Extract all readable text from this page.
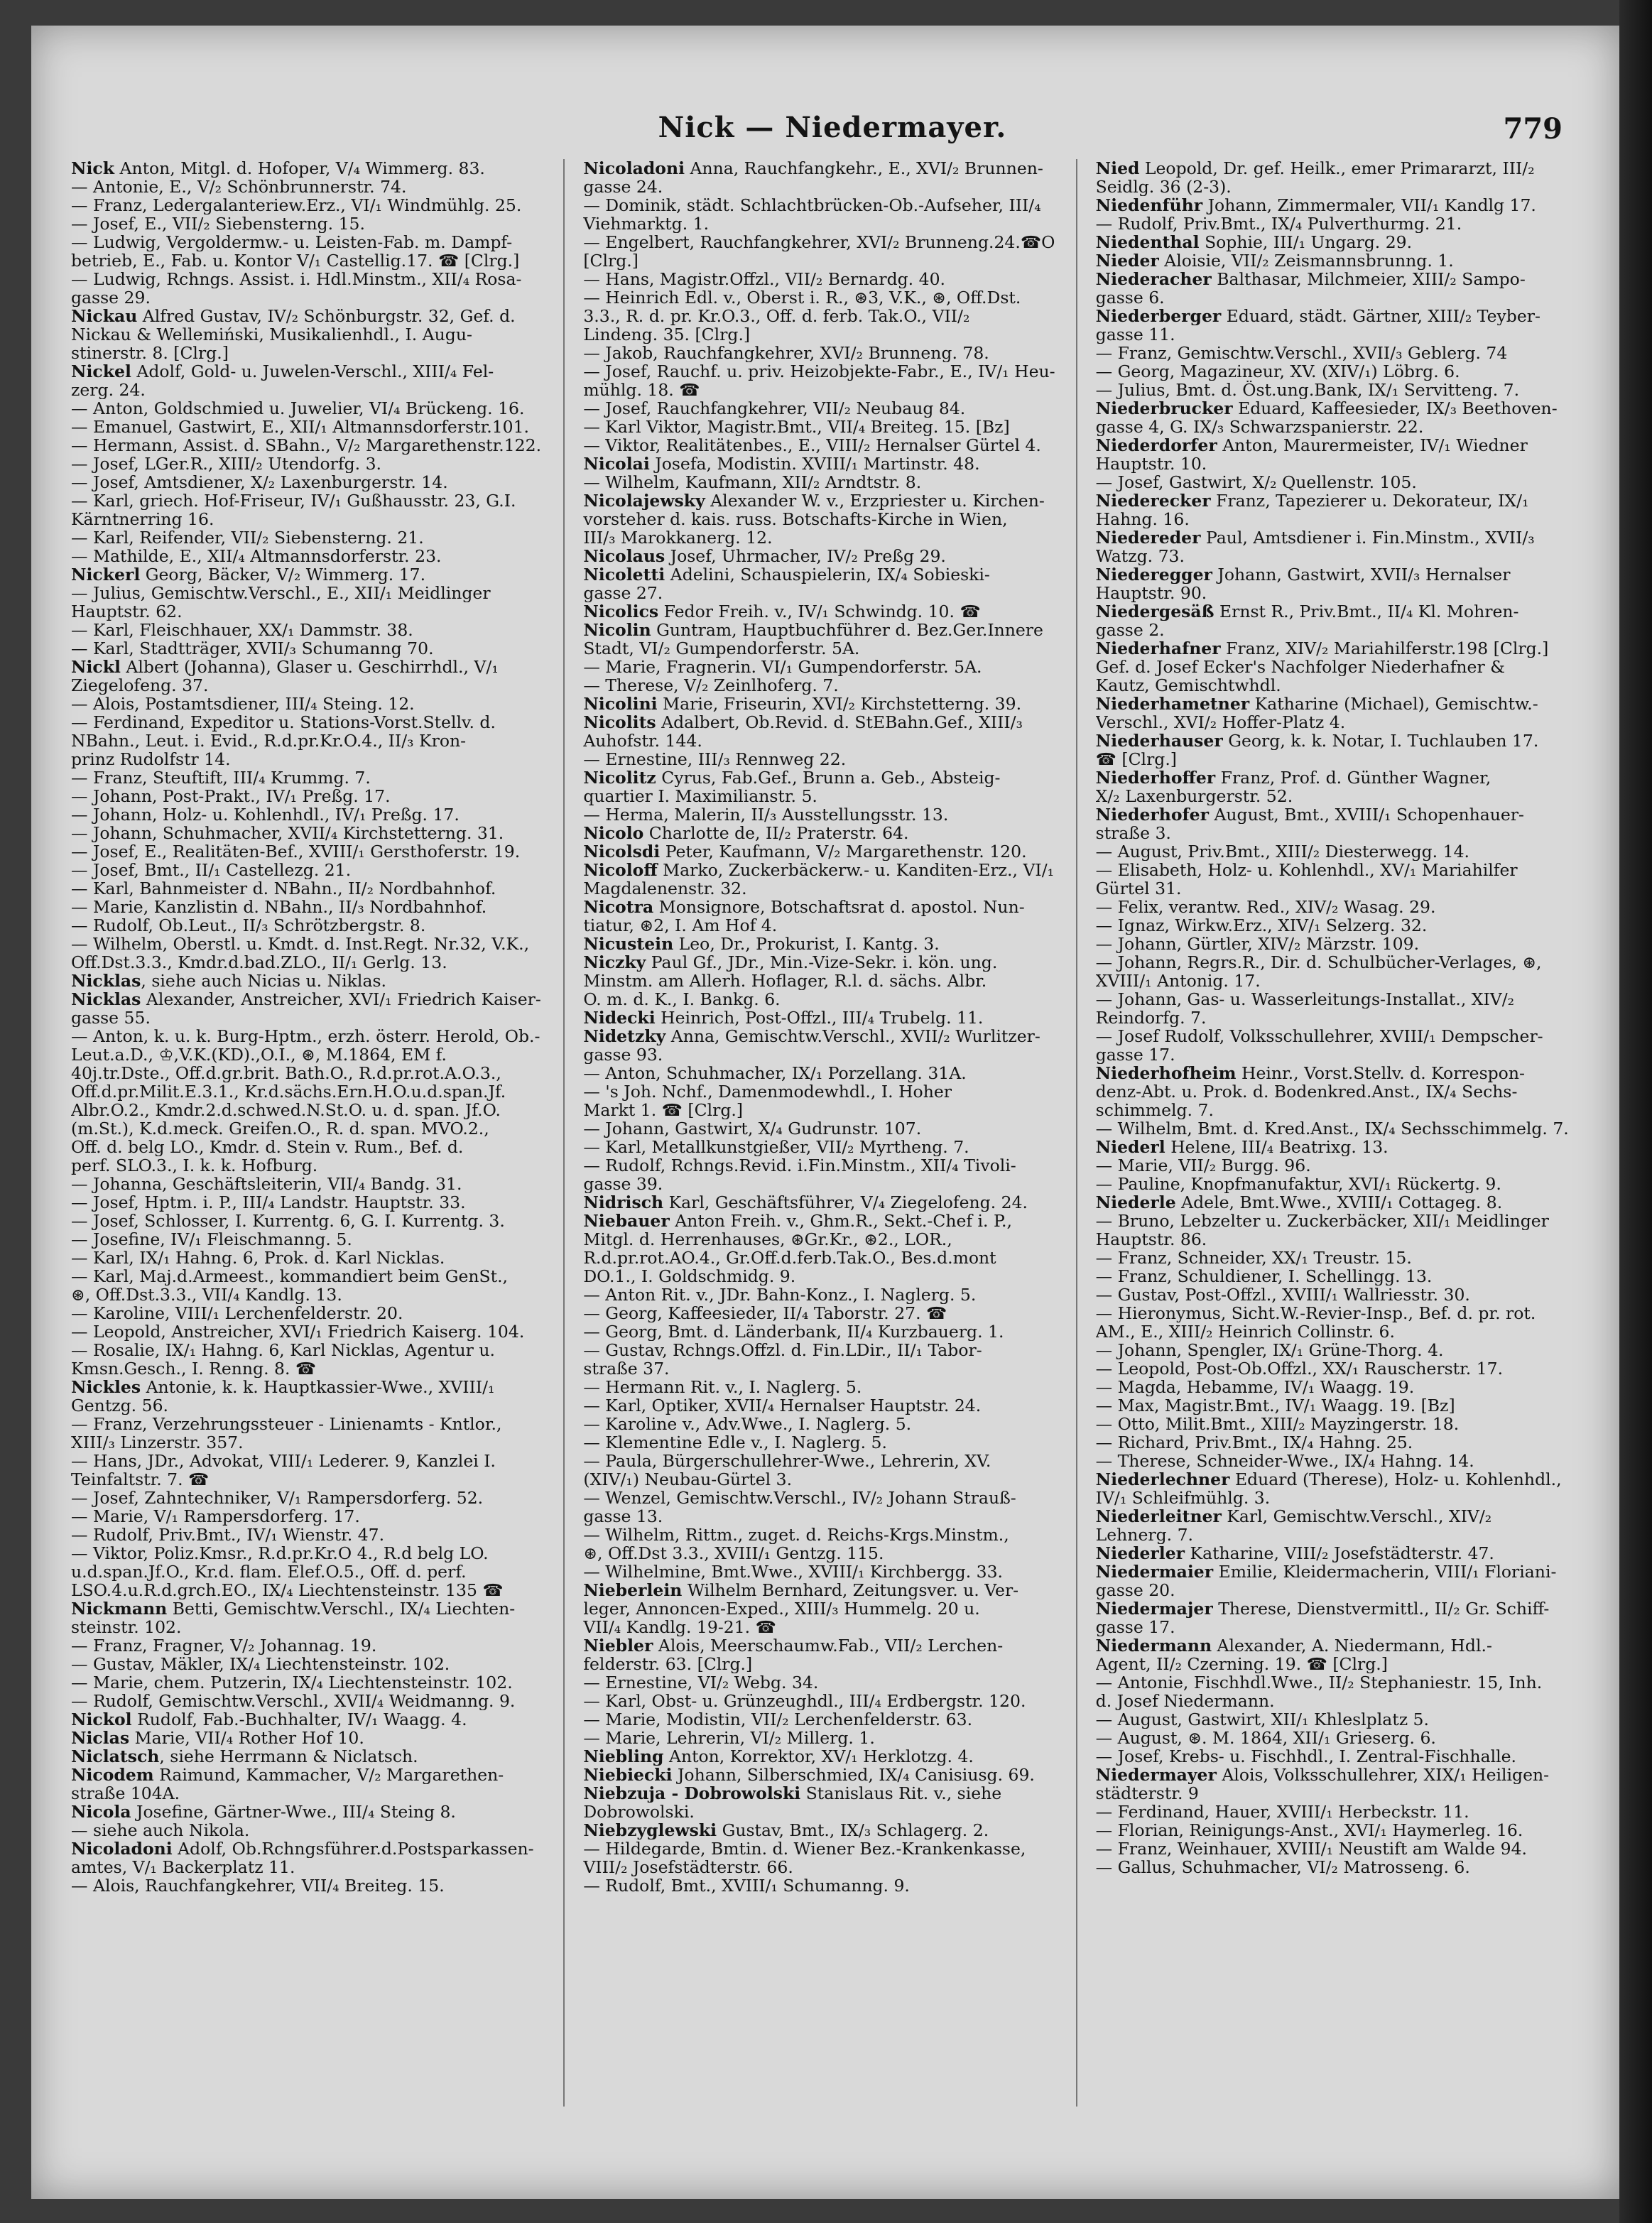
Nick — Niedermayer.	779

Nick Anton, Mitgl. d. Hofoper, V/₄ Wimmerg. 83.

— Antonie, E., V/₂ Schönbrunnerstr. 74.

— Franz, Ledergalanteriew.Erz., VI/₁ Windmühlg. 25.

— Josef, E., VII/₂ Siebensterng. 15.

— Ludwig, Vergoldermw.- u. Leisten-Fab. m. Dampf-

betrieb, E., Fab. u. Kontor V/₁ Castellig.17. ☎ [Clrg.]

— Ludwig, Rchngs. Assist. i. Hdl.Minstm., XII/₄ Rosa-

gasse 29.

Nickau Alfred Gustav, IV/₂ Schönburgstr. 32, Gef. d.

Nickau & Wellemiński, Musikalienhdl., I. Augu-

stinerstr. 8. [Clrg.]

Nickel Adolf, Gold- u. Juwelen-Verschl., XIII/₄ Fel-

zerg. 24.

— Anton, Goldschmied u. Juwelier, VI/₄ Brückeng. 16.

— Emanuel, Gastwirt, E., XII/₁ Altmannsdorferstr.101.

— Hermann, Assist. d. SBahn., V/₂ Margarethenstr.122.

— Josef, LGer.R., XIII/₂ Utendorfg. 3.

— Josef, Amtsdiener, X/₂ Laxenburgerstr. 14.

— Karl, griech. Hof-Friseur, IV/₁ Gußhausstr. 23, G.I.

Kärntnerring 16.

— Karl, Reifender, VII/₂ Siebensterng. 21.

— Mathilde, E., XII/₄ Altmannsdorferstr. 23.

Nickerl Georg, Bäcker, V/₂ Wimmerg. 17.

— Julius, Gemischtw.Verschl., E., XII/₁ Meidlinger

Hauptstr. 62.

— Karl, Fleischhauer, XX/₁ Dammstr. 38.

— Karl, Stadtträger, XVII/₃ Schumanng 70.

Nickl Albert (Johanna), Glaser u. Geschirrhdl., V/₁

Ziegelofeng. 37.

— Alois, Postamtsdiener, III/₄ Steing. 12.

— Ferdinand, Expeditor u. Stations-Vorst.Stellv. d.

NBahn., Leut. i. Evid., R.d.pr.Kr.O.4., II/₃ Kron-

prinz Rudolfstr 14.

— Franz, Steuftift, III/₄ Krummg. 7.

— Johann, Post-Prakt., IV/₁ Preßg. 17.

— Johann, Holz- u. Kohlenhdl., IV/₁ Preßg. 17.

— Johann, Schuhmacher, XVII/₄ Kirchstetterng. 31.

— Josef, E., Realitäten-Bef., XVIII/₁ Gersthoferstr. 19.

— Josef, Bmt., II/₁ Castellezg. 21.

— Karl, Bahnmeister d. NBahn., II/₂ Nordbahnhof.

— Marie, Kanzlistin d. NBahn., II/₃ Nordbahnhof.

— Rudolf, Ob.Leut., II/₃ Schrötzbergstr. 8.

— Wilhelm, Oberstl. u. Kmdt. d. Inst.Regt. Nr.32, V.K.,

Off.Dst.3.3., Kmdr.d.bad.ZLO., II/₁ Gerlg. 13.

Nicklas, siehe auch Nicias u. Niklas.

Nicklas Alexander, Anstreicher, XVI/₁ Friedrich Kaiser-

gasse 55.

— Anton, k. u. k. Burg-Hptm., erzh. österr. Herold, Ob.-

Leut.a.D., ♔,V.K.(KD).,O.I., ⊛, M.1864, EM f.

40j.tr.Dste., Off.d.gr.brit. Bath.O., R.d.pr.rot.A.O.3.,

Off.d.pr.Milit.E.3.1., Kr.d.sächs.Ern.H.O.u.d.span.Jf.

Albr.O.2., Kmdr.2.d.schwed.N.St.O. u. d. span. Jf.O.

(m.St.), K.d.meck. Greifen.O., R. d. span. MVO.2.,

Off. d. belg LO., Kmdr. d. Stein v. Rum., Bef. d.

perf. SLO.3., I. k. k. Hofburg.

— Johanna, Geschäftsleiterin, VII/₄ Bandg. 31.

— Josef, Hptm. i. P., III/₄ Landstr. Hauptstr. 33.

— Josef, Schlosser, I. Kurrentg. 6, G. I. Kurrentg. 3.

— Josefine, IV/₁ Fleischmanng. 5.

— Karl, IX/₁ Hahng. 6, Prok. d. Karl Nicklas.

— Karl, Maj.d.Armeest., kommandiert beim GenSt.,

⊛, Off.Dst.3.3., VII/₄ Kandlg. 13.

— Karoline, VIII/₁ Lerchenfelderstr. 20.

— Leopold, Anstreicher, XVI/₁ Friedrich Kaiserg. 104.

— Rosalie, IX/₁ Hahng. 6, Karl Nicklas, Agentur u.

Kmsn.Gesch., I. Renng. 8. ☎

Nickles Antonie, k. k. Hauptkassier-Wwe., XVIII/₁

Gentzg. 56.

— Franz, Verzehrungssteuer - Linienamts - Kntlor.,

XIII/₃ Linzerstr. 357.

— Hans, JDr., Advokat, VIII/₁ Lederer. 9, Kanzlei I.

Teinfaltstr. 7. ☎

— Josef, Zahntechniker, V/₁ Rampersdorferg. 52.

— Marie, V/₁ Rampersdorferg. 17.

— Rudolf, Priv.Bmt., IV/₁ Wienstr. 47.

— Viktor, Poliz.Kmsr., R.d.pr.Kr.O 4., R.d belg LO.

u.d.span.Jf.O., Kr.d. flam. Elef.O.5., Off. d. perf.

LSO.4.u.R.d.grch.EO., IX/₄ Liechtensteinstr. 135 ☎

Nickmann Betti, Gemischtw.Verschl., IX/₄ Liechten-

steinstr. 102.

— Franz, Fragner, V/₂ Johannag. 19.

— Gustav, Mäkler, IX/₄ Liechtensteinstr. 102.

— Marie, chem. Putzerin, IX/₄ Liechtensteinstr. 102.

— Rudolf, Gemischtw.Verschl., XVII/₄ Weidmanng. 9.

Nickol Rudolf, Fab.-Buchhalter, IV/₁ Waagg. 4.

Niclas Marie, VII/₄ Rother Hof 10.

Niclatsch, siehe Herrmann & Niclatsch.

Nicodem Raimund, Kammacher, V/₂ Margarethen-

straße 104A.

Nicola Josefine, Gärtner-Wwe., III/₄ Steing 8.

— siehe auch Nikola.

Nicoladoni Adolf, Ob.Rchngsführer.d.Postsparkassen-

amtes, V/₁ Backerplatz 11.

— Alois, Rauchfangkehrer, VII/₄ Breiteg. 15.

Nicoladoni Anna, Rauchfangkehr., E., XVI/₂ Brunnen-

gasse 24.

— Dominik, städt. Schlachtbrücken-Ob.-Aufseher, III/₄

Viehmarktg. 1.

— Engelbert, Rauchfangkehrer, XVI/₂ Brunneng.24.☎O

[Clrg.]

— Hans, Magistr.Offzl., VII/₂ Bernardg. 40.

— Heinrich Edl. v., Oberst i. R., ⊛3, V.K., ⊛, Off.Dst.

3.3., R. d. pr. Kr.O.3., Off. d. ferb. Tak.O., VII/₂

Lindeng. 35. [Clrg.]

— Jakob, Rauchfangkehrer, XVI/₂ Brunneng. 78.

— Josef, Rauchf. u. priv. Heizobjekte-Fabr., E., IV/₁ Heu-

mühlg. 18. ☎

— Josef, Rauchfangkehrer, VII/₂ Neubaug 84.

— Karl Viktor, Magistr.Bmt., VII/₄ Breiteg. 15. [Bz]

— Viktor, Realitätenbes., E., VIII/₂ Hernalser Gürtel 4.

Nicolai Josefa, Modistin. XVIII/₁ Martinstr. 48.

— Wilhelm, Kaufmann, XII/₂ Arndtstr. 8.

Nicolajewsky Alexander W. v., Erzpriester u. Kirchen-

vorsteher d. kais. russ. Botschafts-Kirche in Wien,

III/₃ Marokkanerg. 12.

Nicolaus Josef, Uhrmacher, IV/₂ Preßg 29.

Nicoletti Adelini, Schauspielerin, IX/₄ Sobieski-

gasse 27.

Nicolics Fedor Freih. v., IV/₁ Schwindg. 10. ☎

Nicolin Guntram, Hauptbuchführer d. Bez.Ger.Innere

Stadt, VI/₂ Gumpendorferstr. 5A.

— Marie, Fragnerin. VI/₁ Gumpendorferstr. 5A.

— Therese, V/₂ Zeinlhoferg. 7.

Nicolini Marie, Friseurin, XVI/₂ Kirchstetterng. 39.

Nicolits Adalbert, Ob.Revid. d. StEBahn.Gef., XIII/₃

Auhofstr. 144.

— Ernestine, III/₃ Rennweg 22.

Nicolitz Cyrus, Fab.Gef., Brunn a. Geb., Absteig-

quartier I. Maximilianstr. 5.

— Herma, Malerin, II/₃ Ausstellungsstr. 13.

Nicolo Charlotte de, II/₂ Praterstr. 64.

Nicolsdi Peter, Kaufmann, V/₂ Margarethenstr. 120.

Nicoloff Marko, Zuckerbäckerw.- u. Kanditen-Erz., VI/₁

Magdalenenstr. 32.

Nicotra Monsignore, Botschaftsrat d. apostol. Nun-

tiatur, ⊛2, I. Am Hof 4.

Nicustein Leo, Dr., Prokurist, I. Kantg. 3.

Niczky Paul Gf., JDr., Min.-Vize-Sekr. i. kön. ung.

Minstm. am Allerh. Hoflager, R.l. d. sächs. Albr.

O. m. d. K., I. Bankg. 6.

Nidecki Heinrich, Post-Offzl., III/₄ Trubelg. 11.

Nidetzky Anna, Gemischtw.Verschl., XVII/₂ Wurlitzer-

gasse 93.

— Anton, Schuhmacher, IX/₁ Porzellang. 31A.

— 's Joh. Nchf., Damenmodewhdl., I. Hoher

Markt 1. ☎ [Clrg.]

— Johann, Gastwirt, X/₄ Gudrunstr. 107.

— Karl, Metallkunstgießer, VII/₂ Myrtheng. 7.

— Rudolf, Rchngs.Revid. i.Fin.Minstm., XII/₄ Tivoli-

gasse 39.

Nidrisch Karl, Geschäftsführer, V/₄ Ziegelofeng. 24.

Niebauer Anton Freih. v., Ghm.R., Sekt.-Chef i. P.,

Mitgl. d. Herrenhauses, ⊛Gr.Kr., ⊛2., LOR.,

R.d.pr.rot.AO.4., Gr.Off.d.ferb.Tak.O., Bes.d.mont

DO.1., I. Goldschmidg. 9.

— Anton Rit. v., JDr. Bahn-Konz., I. Naglerg. 5.

— Georg, Kaffeesieder, II/₄ Taborstr. 27. ☎

— Georg, Bmt. d. Länderbank, II/₄ Kurzbauerg. 1.

— Gustav, Rchngs.Offzl. d. Fin.LDir., II/₁ Tabor-

straße 37.

— Hermann Rit. v., I. Naglerg. 5.

— Karl, Optiker, XVII/₄ Hernalser Hauptstr. 24.

— Karoline v., Adv.Wwe., I. Naglerg. 5.

— Klementine Edle v., I. Naglerg. 5.

— Paula, Bürgerschullehrer-Wwe., Lehrerin, XV.

(XIV/₁) Neubau-Gürtel 3.

— Wenzel, Gemischtw.Verschl., IV/₂ Johann Strauß-

gasse 13.

— Wilhelm, Rittm., zuget. d. Reichs-Krgs.Minstm.,

⊛, Off.Dst 3.3., XVIII/₁ Gentzg. 115.

— Wilhelmine, Bmt.Wwe., XVIII/₁ Kirchbergg. 33.

Nieberlein Wilhelm Bernhard, Zeitungsver. u. Ver-

leger, Annoncen-Exped., XIII/₃ Hummelg. 20 u.

VII/₄ Kandlg. 19-21. ☎

Niebler Alois, Meerschaumw.Fab., VII/₂ Lerchen-

felderstr. 63. [Clrg.]

— Ernestine, VI/₂ Webg. 34.

— Karl, Obst- u. Grünzeughdl., III/₄ Erdbergstr. 120.

— Marie, Modistin, VII/₂ Lerchenfelderstr. 63.

— Marie, Lehrerin, VI/₂ Millerg. 1.

Niebling Anton, Korrektor, XV/₁ Herklotzg. 4.

Niebiecki Johann, Silberschmied, IX/₄ Canisiusg. 69.

Niebzuja - Dobrowolski Stanislaus Rit. v., siehe

Dobrowolski.

Niebzyglewski Gustav, Bmt., IX/₃ Schlagerg. 2.

— Hildegarde, Bmtin. d. Wiener Bez.-Krankenkasse,

VIII/₂ Josefstädterstr. 66.

— Rudolf, Bmt., XVIII/₁ Schumanng. 9.

Nied Leopold, Dr. gef. Heilk., emer Primararzt, III/₂

Seidlg. 36 (2-3).

Niedenführ Johann, Zimmermaler, VII/₁ Kandlg 17.

— Rudolf, Priv.Bmt., IX/₄ Pulverthurmg. 21.

Niedenthal Sophie, III/₁ Ungarg. 29.

Nieder Aloisie, VII/₂ Zeismannsbrunng. 1.

Niederacher Balthasar, Milchmeier, XIII/₂ Sampo-

gasse 6.

Niederberger Eduard, städt. Gärtner, XIII/₂ Teyber-

gasse 11.

— Franz, Gemischtw.Verschl., XVII/₃ Geblerg. 74

— Georg, Magazineur, XV. (XIV/₁) Löbrg. 6.

— Julius, Bmt. d. Öst.ung.Bank, IX/₁ Servitteng. 7.

Niederbrucker Eduard, Kaffeesieder, IX/₃ Beethoven-

gasse 4, G. IX/₃ Schwarzspanierstr. 22.

Niederdorfer Anton, Maurermeister, IV/₁ Wiedner

Hauptstr. 10.

— Josef, Gastwirt, X/₂ Quellenstr. 105.

Niederecker Franz, Tapezierer u. Dekorateur, IX/₁

Hahng. 16.

Niedereder Paul, Amtsdiener i. Fin.Minstm., XVII/₃

Watzg. 73.

Niederegger Johann, Gastwirt, XVII/₃ Hernalser

Hauptstr. 90.

Niedergesäß Ernst R., Priv.Bmt., II/₄ Kl. Mohren-

gasse 2.

Niederhafner Franz, XIV/₂ Mariahilferstr.198 [Clrg.]

Gef. d. Josef Ecker's Nachfolger Niederhafner &

Kautz, Gemischtwhdl.

Niederhametner Katharine (Michael), Gemischtw.-

Verschl., XVI/₂ Hoffer-Platz 4.

Niederhauser Georg, k. k. Notar, I. Tuchlauben 17.

☎ [Clrg.]

Niederhoffer Franz, Prof. d. Günther Wagner,

X/₂ Laxenburgerstr. 52.

Niederhofer August, Bmt., XVIII/₁ Schopenhauer-

straße 3.

— August, Priv.Bmt., XIII/₂ Diesterwegg. 14.

— Elisabeth, Holz- u. Kohlenhdl., XV/₁ Mariahilfer

Gürtel 31.

— Felix, verantw. Red., XIV/₂ Wasag. 29.

— Ignaz, Wirkw.Erz., XIV/₁ Selzerg. 32.

— Johann, Gürtler, XIV/₂ Märzstr. 109.

— Johann, Regrs.R., Dir. d. Schulbücher-Verlages, ⊛,

XVIII/₁ Antonig. 17.

— Johann, Gas- u. Wasserleitungs-Installat., XIV/₂

Reindorfg. 7.

— Josef Rudolf, Volksschullehrer, XVIII/₁ Dempscher-

gasse 17.

Niederhofheim Heinr., Vorst.Stellv. d. Korrespon-

denz-Abt. u. Prok. d. Bodenkred.Anst., IX/₄ Sechs-

schimmelg. 7.

— Wilhelm, Bmt. d. Kred.Anst., IX/₄ Sechsschimmelg. 7.

Niederl Helene, III/₄ Beatrixg. 13.

— Marie, VII/₂ Burgg. 96.

— Pauline, Knopfmanufaktur, XVI/₁ Rückertg. 9.

Niederle Adele, Bmt.Wwe., XVIII/₁ Cottageg. 8.

— Bruno, Lebzelter u. Zuckerbäcker, XII/₁ Meidlinger

Hauptstr. 86.

— Franz, Schneider, XX/₁ Treustr. 15.

— Franz, Schuldiener, I. Schellingg. 13.

— Gustav, Post-Offzl., XVIII/₁ Wallriesstr. 30.

— Hieronymus, Sicht.W.-Revier-Insp., Bef. d. pr. rot.

AM., E., XIII/₂ Heinrich Collinstr. 6.

— Johann, Spengler, IX/₁ Grüne-Thorg. 4.

— Leopold, Post-Ob.Offzl., XX/₁ Rauscherstr. 17.

— Magda, Hebamme, IV/₁ Waagg. 19.

— Max, Magistr.Bmt., IV/₁ Waagg. 19. [Bz]

— Otto, Milit.Bmt., XIII/₂ Mayzingerstr. 18.

— Richard, Priv.Bmt., IX/₄ Hahng. 25.

— Therese, Schneider-Wwe., IX/₄ Hahng. 14.

Niederlechner Eduard (Therese), Holz- u. Kohlenhdl.,

IV/₁ Schleifmühlg. 3.

Niederleitner Karl, Gemischtw.Verschl., XIV/₂

Lehnerg. 7.

Niederler Katharine, VIII/₂ Josefstädterstr. 47.

Niedermaier Emilie, Kleidermacherin, VIII/₁ Floriani-

gasse 20.

Niedermajer Therese, Dienstvermittl., II/₂ Gr. Schiff-

gasse 17.

Niedermann Alexander, A. Niedermann, Hdl.-

Agent, II/₂ Czerning. 19. ☎ [Clrg.]

— Antonie, Fischhdl.Wwe., II/₂ Stephaniestr. 15, Inh.

d. Josef Niedermann.

— August, Gastwirt, XII/₁ Khleslplatz 5.

— August, ⊛. M. 1864, XII/₁ Grieserg. 6.

— Josef, Krebs- u. Fischhdl., I. Zentral-Fischhalle.

Niedermayer Alois, Volksschullehrer, XIX/₁ Heiligen-

städterstr. 9

— Ferdinand, Hauer, XVIII/₁ Herbeckstr. 11.

— Florian, Reinigungs-Anst., XVI/₁ Haymerleg. 16.

— Franz, Weinhauer, XVIII/₁ Neustift am Walde 94.

— Gallus, Schuhmacher, VI/₂ Matrosseng. 6.
